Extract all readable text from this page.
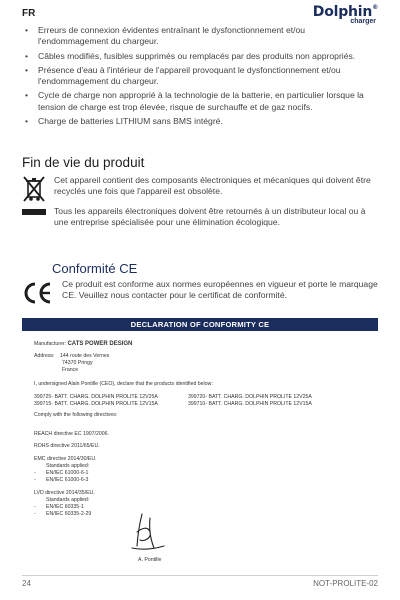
FR	Dolphin®
charger
• Erreurs de connexion évidentes entraînant le dysfonctionnement et/ou l'endommagement du chargeur.
• Câbles modifiés, fusibles supprimés ou remplacés par des produits non appropriés.
• Présence d'eau à l'intérieur de l'appareil provoquant le dysfonctionnement et/ou l'endommagement du chargeur.
• Cycle de charge non approprié à la technologie de la batterie, en particulier lorsque la tension de charge est trop élevée, risque de surchauffe et de gaz nocifs.
• Charge de batteries LITHIUM sans BMS intégré.
Fin de vie du produit
Cet appareil contient des composants électroniques et mécaniques qui doivent être recyclés une fois que l'appareil est obsolète.
Tous les appareils électroniques doivent être retournés à un distributeur local ou à une entreprise spécialisée pour une élimination écologique.
Conformité CE
Ce produit est conforme aux normes européennes en vigueur et porte le marquage CE. Veuillez nous contacter pour le certificat de conformité.
DECLARATION OF CONFORMITY CE
Manufacturer: CATS POWER DESIGN
Address: 144 route des Vernes
74370 Pringy
France
I, undersigned Alain Pontille (CEO), declare that the products identified below:
399725- BATT. CHARG. DOLPHIN PROLITE 12V25A
399715- BATT. CHARG. DOLPHIN PROLITE 12V15A
399720- BATT. CHARG. DOLPHIN PROLITE 12V25A
399710- BATT. CHARG. DOLPHIN PROLITE 12V15A
Comply with the following directives:
REACH directive EC 1907/2006.
ROHS directive 2011/65/EU.
EMC directive 2014/30/EU.
Standards applied:
- EN/IEC 61000-6-1
- EN/IEC 61000-6-3
LVD directive 2014/35/EU.
Standards applied:
- EN/IEC 60335-1
- EN/IEC 60335-2-29
A. Pontille
24	NOT-PROLITE-02
